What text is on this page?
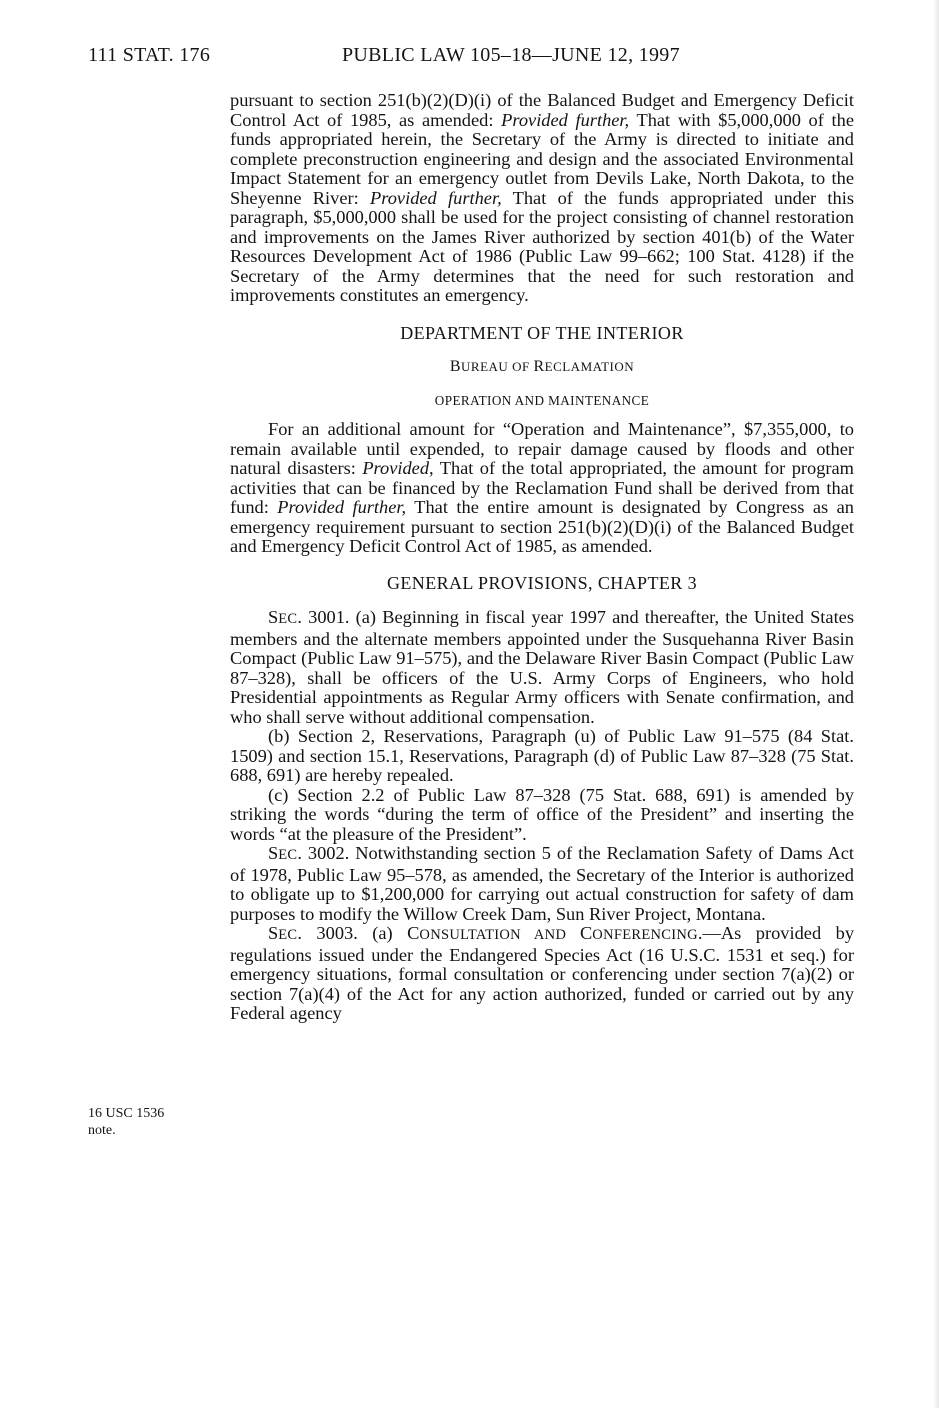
111 STAT. 176	PUBLIC LAW 105–18—JUNE 12, 1997
16 USC 1536
note.

pursuant to section 251(b)(2)(D)(i) of the Balanced Budget and Emergency Deficit Control Act of 1985, as amended: Provided further, That with $5,000,000 of the funds appropriated herein, the Secretary of the Army is directed to initiate and complete preconstruction engineering and design and the associated Environmental Impact Statement for an emergency outlet from Devils Lake, North Dakota, to the Sheyenne River: Provided further, That of the funds appropriated under this paragraph, $5,000,000 shall be used for the project consisting of channel restoration and improvements on the James River authorized by section 401(b) of the Water Resources Development Act of 1986 (Public Law 99–662; 100 Stat. 4128) if the Secretary of the Army determines that the need for such restoration and improvements constitutes an emergency.

DEPARTMENT OF THE INTERIOR
BUREAU OF RECLAMATION
OPERATION AND MAINTENANCE

For an additional amount for “Operation and Maintenance”, $7,355,000, to remain available until expended, to repair damage caused by floods and other natural disasters: Provided, That of the total appropriated, the amount for program activities that can be financed by the Reclamation Fund shall be derived from that fund: Provided further, That the entire amount is designated by Congress as an emergency requirement pursuant to section 251(b)(2)(D)(i) of the Balanced Budget and Emergency Deficit Control Act of 1985, as amended.

GENERAL PROVISIONS, CHAPTER 3

SEC. 3001. (a) Beginning in fiscal year 1997 and thereafter, the United States members and the alternate members appointed under the Susquehanna River Basin Compact (Public Law 91–575), and the Delaware River Basin Compact (Public Law 87–328), shall be officers of the U.S. Army Corps of Engineers, who hold Presidential appointments as Regular Army officers with Senate confirmation, and who shall serve without additional compensation.

(b) Section 2, Reservations, Paragraph (u) of Public Law 91–575 (84 Stat. 1509) and section 15.1, Reservations, Paragraph (d) of Public Law 87–328 (75 Stat. 688, 691) are hereby repealed.

(c) Section 2.2 of Public Law 87–328 (75 Stat. 688, 691) is amended by striking the words “during the term of office of the President” and inserting the words “at the pleasure of the President”.

SEC. 3002. Notwithstanding section 5 of the Reclamation Safety of Dams Act of 1978, Public Law 95–578, as amended, the Secretary of the Interior is authorized to obligate up to $1,200,000 for carrying out actual construction for safety of dam purposes to modify the Willow Creek Dam, Sun River Project, Montana.

SEC. 3003. (a) CONSULTATION AND CONFERENCING.—As provided by regulations issued under the Endangered Species Act (16 U.S.C. 1531 et seq.) for emergency situations, formal consultation or conferencing under section 7(a)(2) or section 7(a)(4) of the Act for any action authorized, funded or carried out by any Federal agency
